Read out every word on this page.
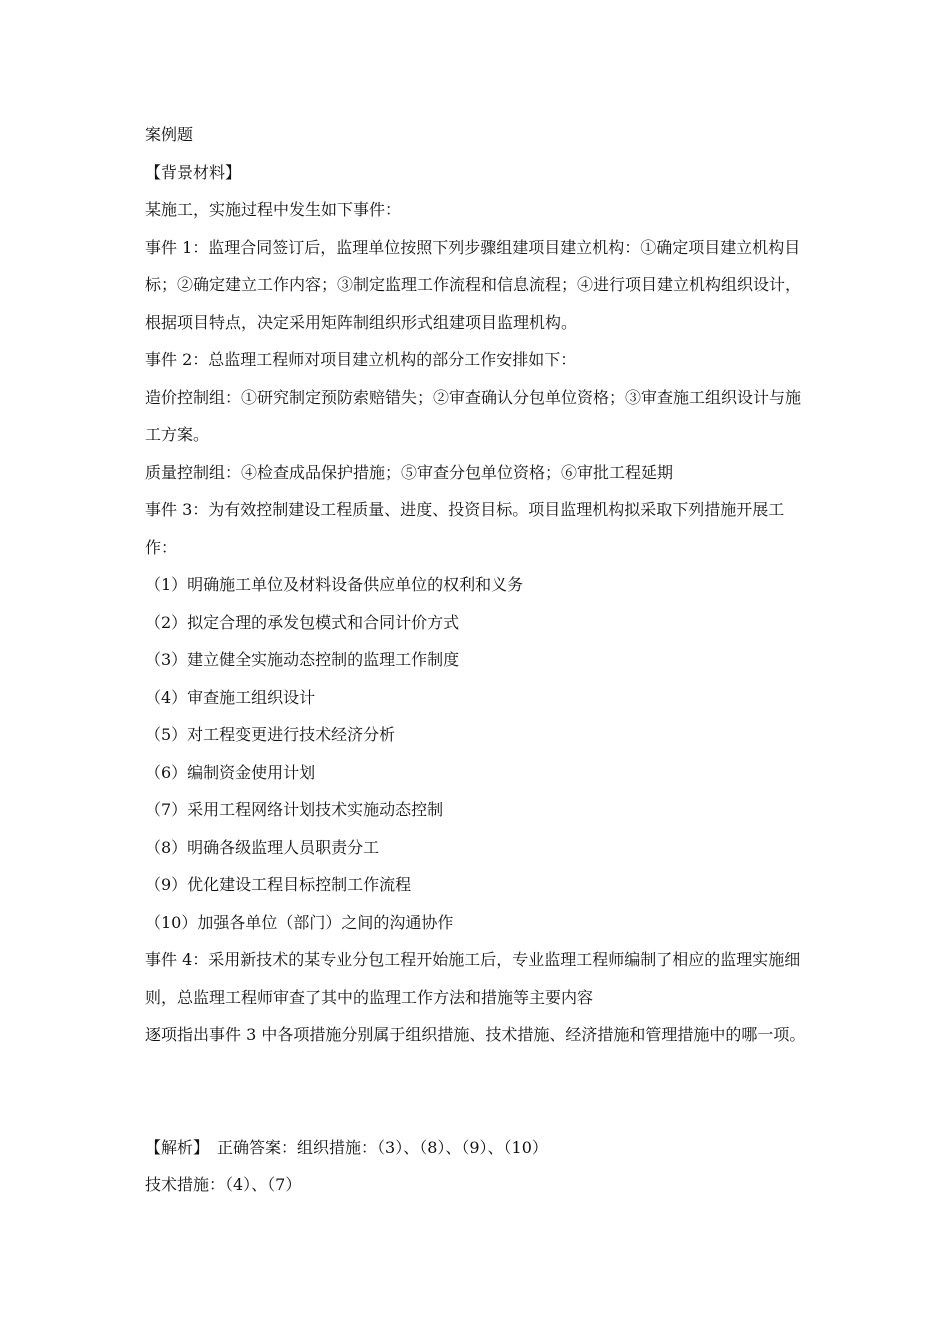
案例题

【背景材料】

某施工，实施过程中发生如下事件：

事件 1：监理合同签订后，监理单位按照下列步骤组建项目建立机构：①确定项目建立机构目标；②确定建立工作内容；③制定监理工作流程和信息流程；④进行项目建立机构组织设计，根据项目特点，决定采用矩阵制组织形式组建项目监理机构。

事件 2：总监理工程师对项目建立机构的部分工作安排如下：

造价控制组：①研究制定预防索赔错失；②审查确认分包单位资格；③审查施工组织设计与施工方案。

质量控制组：④检查成品保护措施；⑤审查分包单位资格；⑥审批工程延期

事件 3：为有效控制建设工程质量、进度、投资目标。项目监理机构拟采取下列措施开展工作：

（1）明确施工单位及材料设备供应单位的权利和义务

（2）拟定合理的承发包模式和合同计价方式

（3）建立健全实施动态控制的监理工作制度

（4）审查施工组织设计

（5）对工程变更进行技术经济分析

（6）编制资金使用计划

（7）采用工程网络计划技术实施动态控制

（8）明确各级监理人员职责分工

（9）优化建设工程目标控制工作流程

（10）加强各单位（部门）之间的沟通协作

事件 4：采用新技术的某专业分包工程开始施工后，专业监理工程师编制了相应的监理实施细则，总监理工程师审查了其中的监理工作方法和措施等主要内容

逐项指出事件 3 中各项措施分别属于组织措施、技术措施、经济措施和管理措施中的哪一项。

【解析】 正确答案：组织措施：（3）、（8）、（9）、（10）

技术措施：（4）、（7）
